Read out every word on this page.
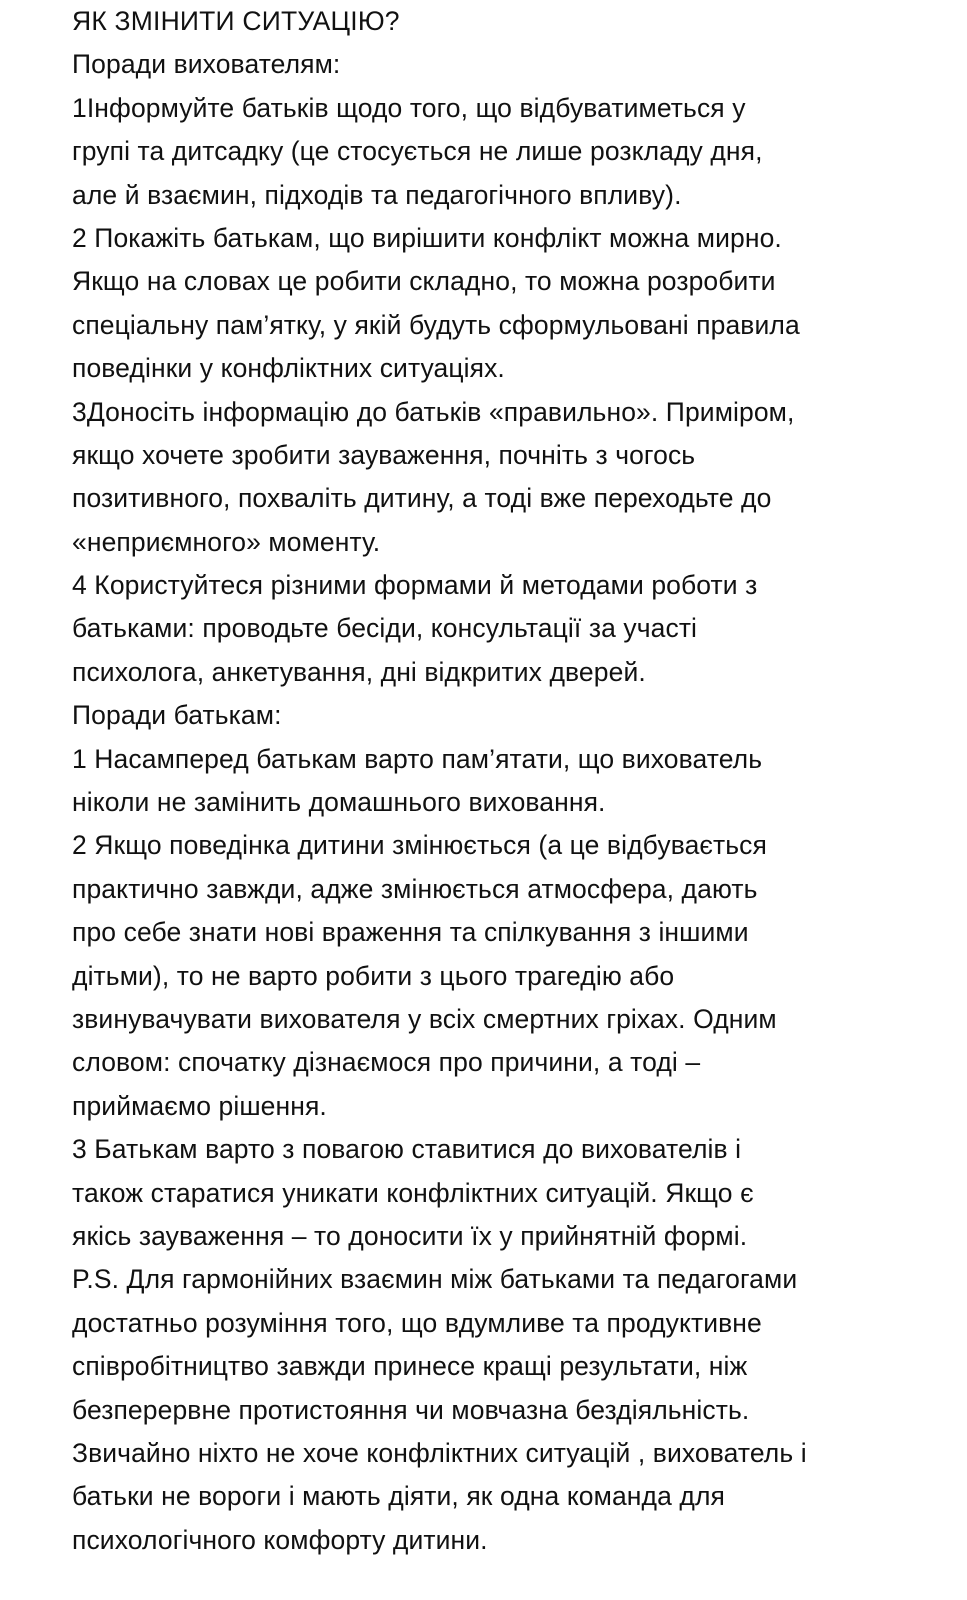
ЯК ЗМІНИТИ СИТУАЦІЮ?
Поради вихователям:
1Інформуйте батьків щодо того, що відбуватиметься у
групі та дитсадку (це стосується не лише розкладу дня,
але й взаємин, підходів та педагогічного впливу).
2 Покажіть батькам, що вирішити конфлікт можна мирно.
Якщо на словах це робити складно, то можна розробити
спеціальну пам’ятку, у якій будуть сформульовані правила
поведінки у конфліктних ситуаціях.
3Доносіть інформацію до батьків «правильно». Приміром,
якщо хочете зробити зауваження, почніть з чогось
позитивного, похваліть дитину, а тоді вже переходьте до
«неприємного» моменту.
4 Користуйтеся різними формами й методами роботи з
батьками: проводьте бесіди, консультації за участі
психолога, анкетування, дні відкритих дверей.
Поради батькам:
1 Насамперед батькам варто пам’ятати, що вихователь
ніколи не замінить домашнього виховання.
2 Якщо поведінка дитини змінюється (а це відбувається
практично завжди, адже змінюється атмосфера, дають
про себе знати нові враження та спілкування з іншими
дітьми), то не варто робити з цього трагедію або
звинувачувати вихователя у всіх смертних гріхах. Одним
словом: спочатку дізнаємося про причини, а тоді –
приймаємо рішення.
3 Батькам варто з повагою ставитися до вихователів і
також старатися уникати конфліктних ситуацій. Якщо є
якісь зауваження – то доносити їх у прийнятній формі.
P.S. Для гармонійних взаємин між батьками та педагогами
достатньо розуміння того, що вдумливе та продуктивне
співробітництво завжди принесе кращі результати, ніж
безперервне протистояння чи мовчазна бездіяльність.
Звичайно ніхто не хоче конфліктних ситуацій , вихователь і
батьки не вороги і мають діяти, як одна команда для
психологічного комфорту дитини.
